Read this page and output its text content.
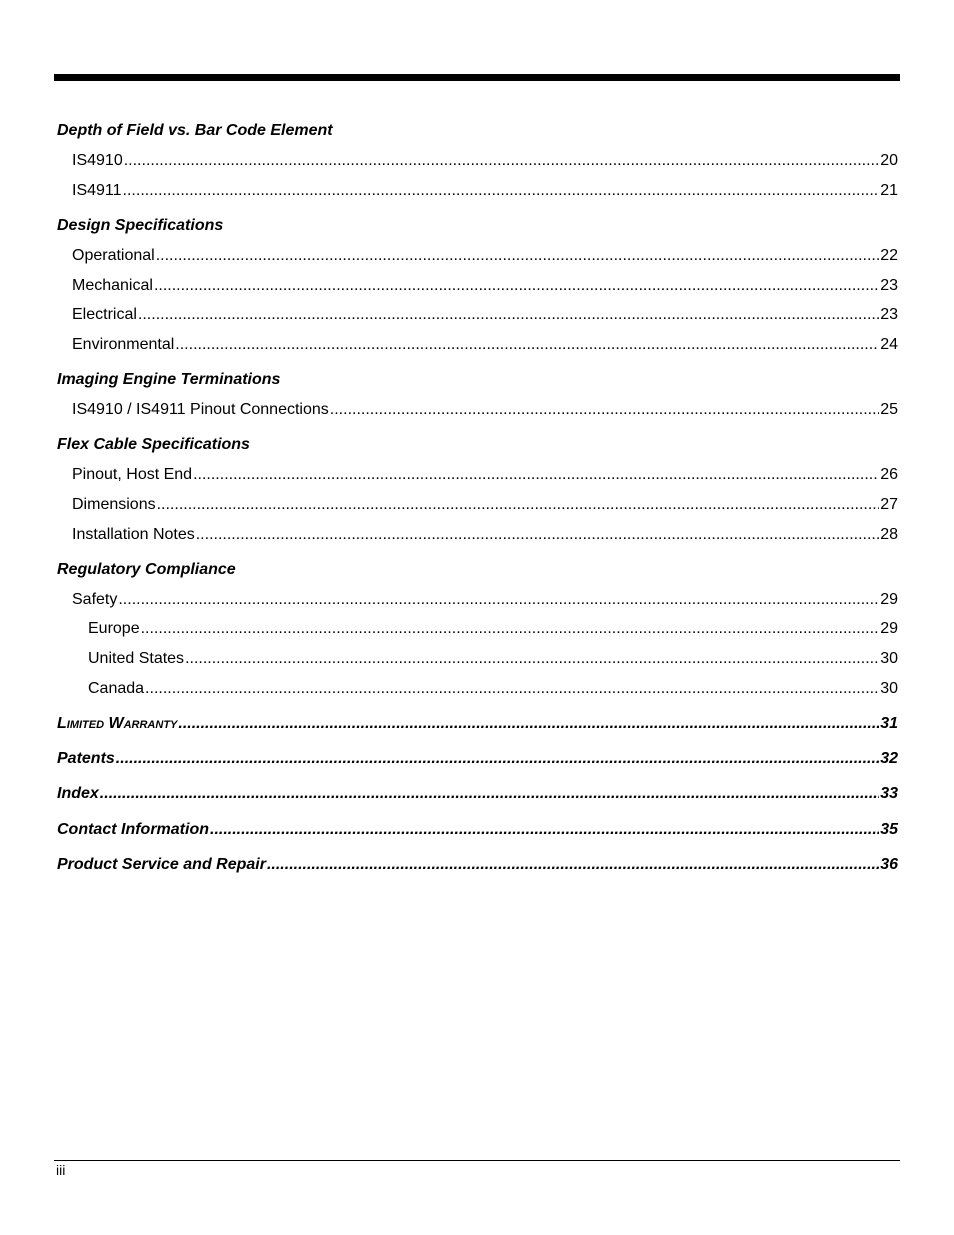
Depth of Field vs. Bar Code Element
IS4910 .....	20
IS4911 .....	21
Design Specifications
Operational .....	22
Mechanical .....	23
Electrical .....	23
Environmental .....	24
Imaging Engine Terminations
IS4910 / IS4911 Pinout Connections .....	25
Flex Cable Specifications
Pinout, Host End .....	26
Dimensions .....	27
Installation Notes .....	28
Regulatory Compliance
Safety .....	29
Europe .....	29
United States .....	30
Canada .....	30
Limited Warranty .....	31
Patents .....	32
Index .....	33
Contact Information .....	35
Product Service and Repair .....	36
iii
